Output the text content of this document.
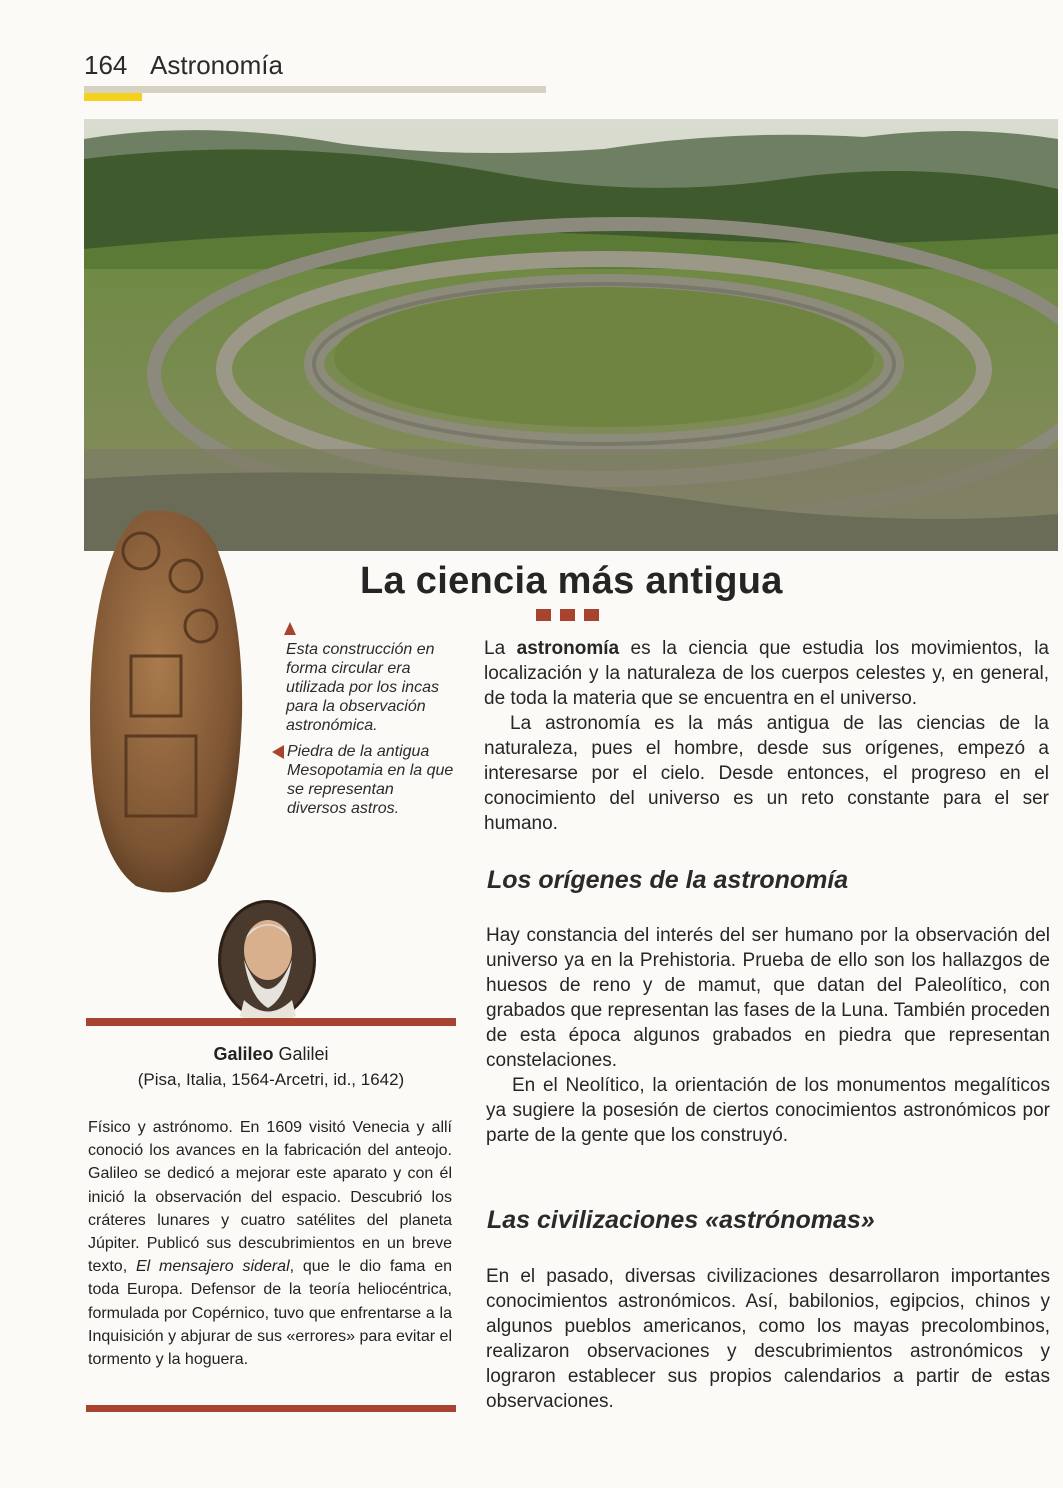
164 Astronomía
La ciencia más antigua
Esta construcción en forma circular era utilizada por los incas para la observación astronómica.
Piedra de la antigua Mesopotamia en la que se representan diversos astros.

La astronomía es la ciencia que estudia los movimientos, la localización y la naturaleza de los cuerpos celestes y, en general, de toda la materia que se encuentra en el universo.

La astronomía es la más antigua de las ciencias de la naturaleza, pues el hombre, desde sus orígenes, empezó a interesarse por el cielo. Desde entonces, el progreso en el conocimiento del universo es un reto constante para el ser humano.

Los orígenes de la astronomía

Hay constancia del interés del ser humano por la observación del universo ya en la Prehistoria. Prueba de ello son los hallazgos de huesos de reno y de mamut, que datan del Paleolítico, con grabados que representan las fases de la Luna. También proceden de esta época algunos grabados en piedra que representan constelaciones.

En el Neolítico, la orientación de los monumentos megalíticos ya sugiere la posesión de ciertos conocimientos astronómicos por parte de la gente que los construyó.

Las civilizaciones «astrónomas»

En el pasado, diversas civilizaciones desarrollaron importantes conocimientos astronómicos. Así, babilonios, egipcios, chinos y algunos pueblos americanos, como los mayas precolombinos, realizaron observaciones y descubrimientos astronómicos y lograron establecer sus propios calendarios a partir de estas observaciones.

Galileo Galilei
(Pisa, Italia, 1564-Arcetri, id., 1642)
Físico y astrónomo. En 1609 visitó Venecia y allí conoció los avances en la fabricación del anteojo. Galileo se dedicó a mejorar este aparato y con él inició la observación del espacio. Descubrió los cráteres lunares y cuatro satélites del planeta Júpiter. Publicó sus descubrimientos en un breve texto, El mensajero sideral, que le dio fama en toda Europa. Defensor de la teoría heliocéntrica, formulada por Copérnico, tuvo que enfrentarse a la Inquisición y abjurar de sus «errores» para evitar el tormento y la hoguera.
